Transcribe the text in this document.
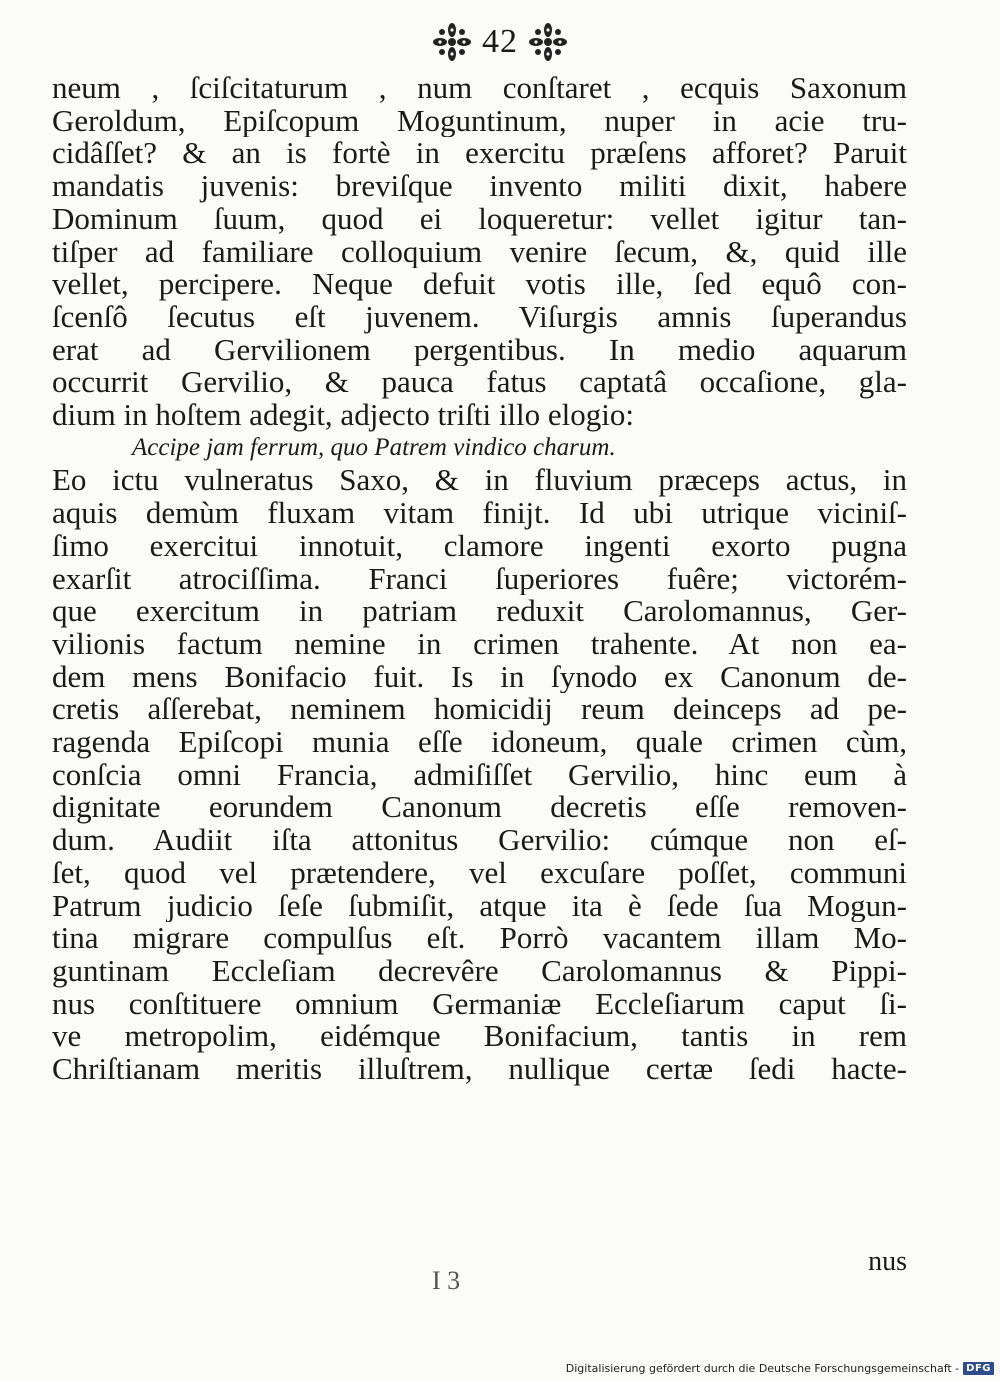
42
neum , ſciſcitaturum , num conſtaret , ecquis Saxonum
Geroldum, Epiſcopum Moguntinum, nuper in acie tru-
cidâſſet? & an is fortè in exercitu præſens afforet? Paruit
mandatis juvenis: breviſque invento militi dixit, habere
Dominum ſuum, quod ei loqueretur: vellet igitur tan-
tiſper ad familiare colloquium venire ſecum, &, quid ille
vellet, percipere. Neque defuit votis ille, ſed equô con-
ſcenſô ſecutus eſt juvenem. Viſurgis amnis ſuperandus
erat ad Gervilionem pergentibus. In medio aquarum
occurrit Gervilio, & pauca fatus captatâ occaſione, gla-
dium in hoſtem adegit, adjecto triſti illo elogio:
Accipe jam ferrum, quo Patrem vindico charum.
Eo ictu vulneratus Saxo, & in fluvium præceps actus, in
aquis demùm fluxam vitam finijt. Id ubi utrique viciniſ-
ſimo exercitui innotuit, clamore ingenti exorto pugna
exarſit atrociſſima. Franci ſuperiores fuêre; victorém-
que exercitum in patriam reduxit Carolomannus, Ger-
vilionis factum nemine in crimen trahente. At non ea-
dem mens Bonifacio fuit. Is in ſynodo ex Canonum de-
cretis aſſerebat, neminem homicidij reum deinceps ad pe-
ragenda Epiſcopi munia eſſe idoneum, quale crimen cùm,
conſcia omni Francia, admiſiſſet Gervilio, hinc eum à
dignitate eorundem Canonum decretis eſſe removen-
dum. Audiit iſta attonitus Gervilio: cúmque non eſ-
ſet, quod vel prætendere, vel excuſare poſſet, communi
Patrum judicio ſeſe ſubmiſit, atque ita è ſede ſua Mogun-
tina migrare compulſus eſt. Porrò vacantem illam Mo-
guntinam Eccleſiam decrevêre Carolomannus & Pippi-
nus conſtituere omnium Germaniæ Eccleſiarum caput ſi-
ve metropolim, eidémque Bonifacium, tantis in rem
Chriſtianam meritis illuſtrem, nullique certæ ſedi hacte-
I 3
nus
Digitalisierung gefördert durch die Deutsche Forschungsgemeinschaft - DFG
